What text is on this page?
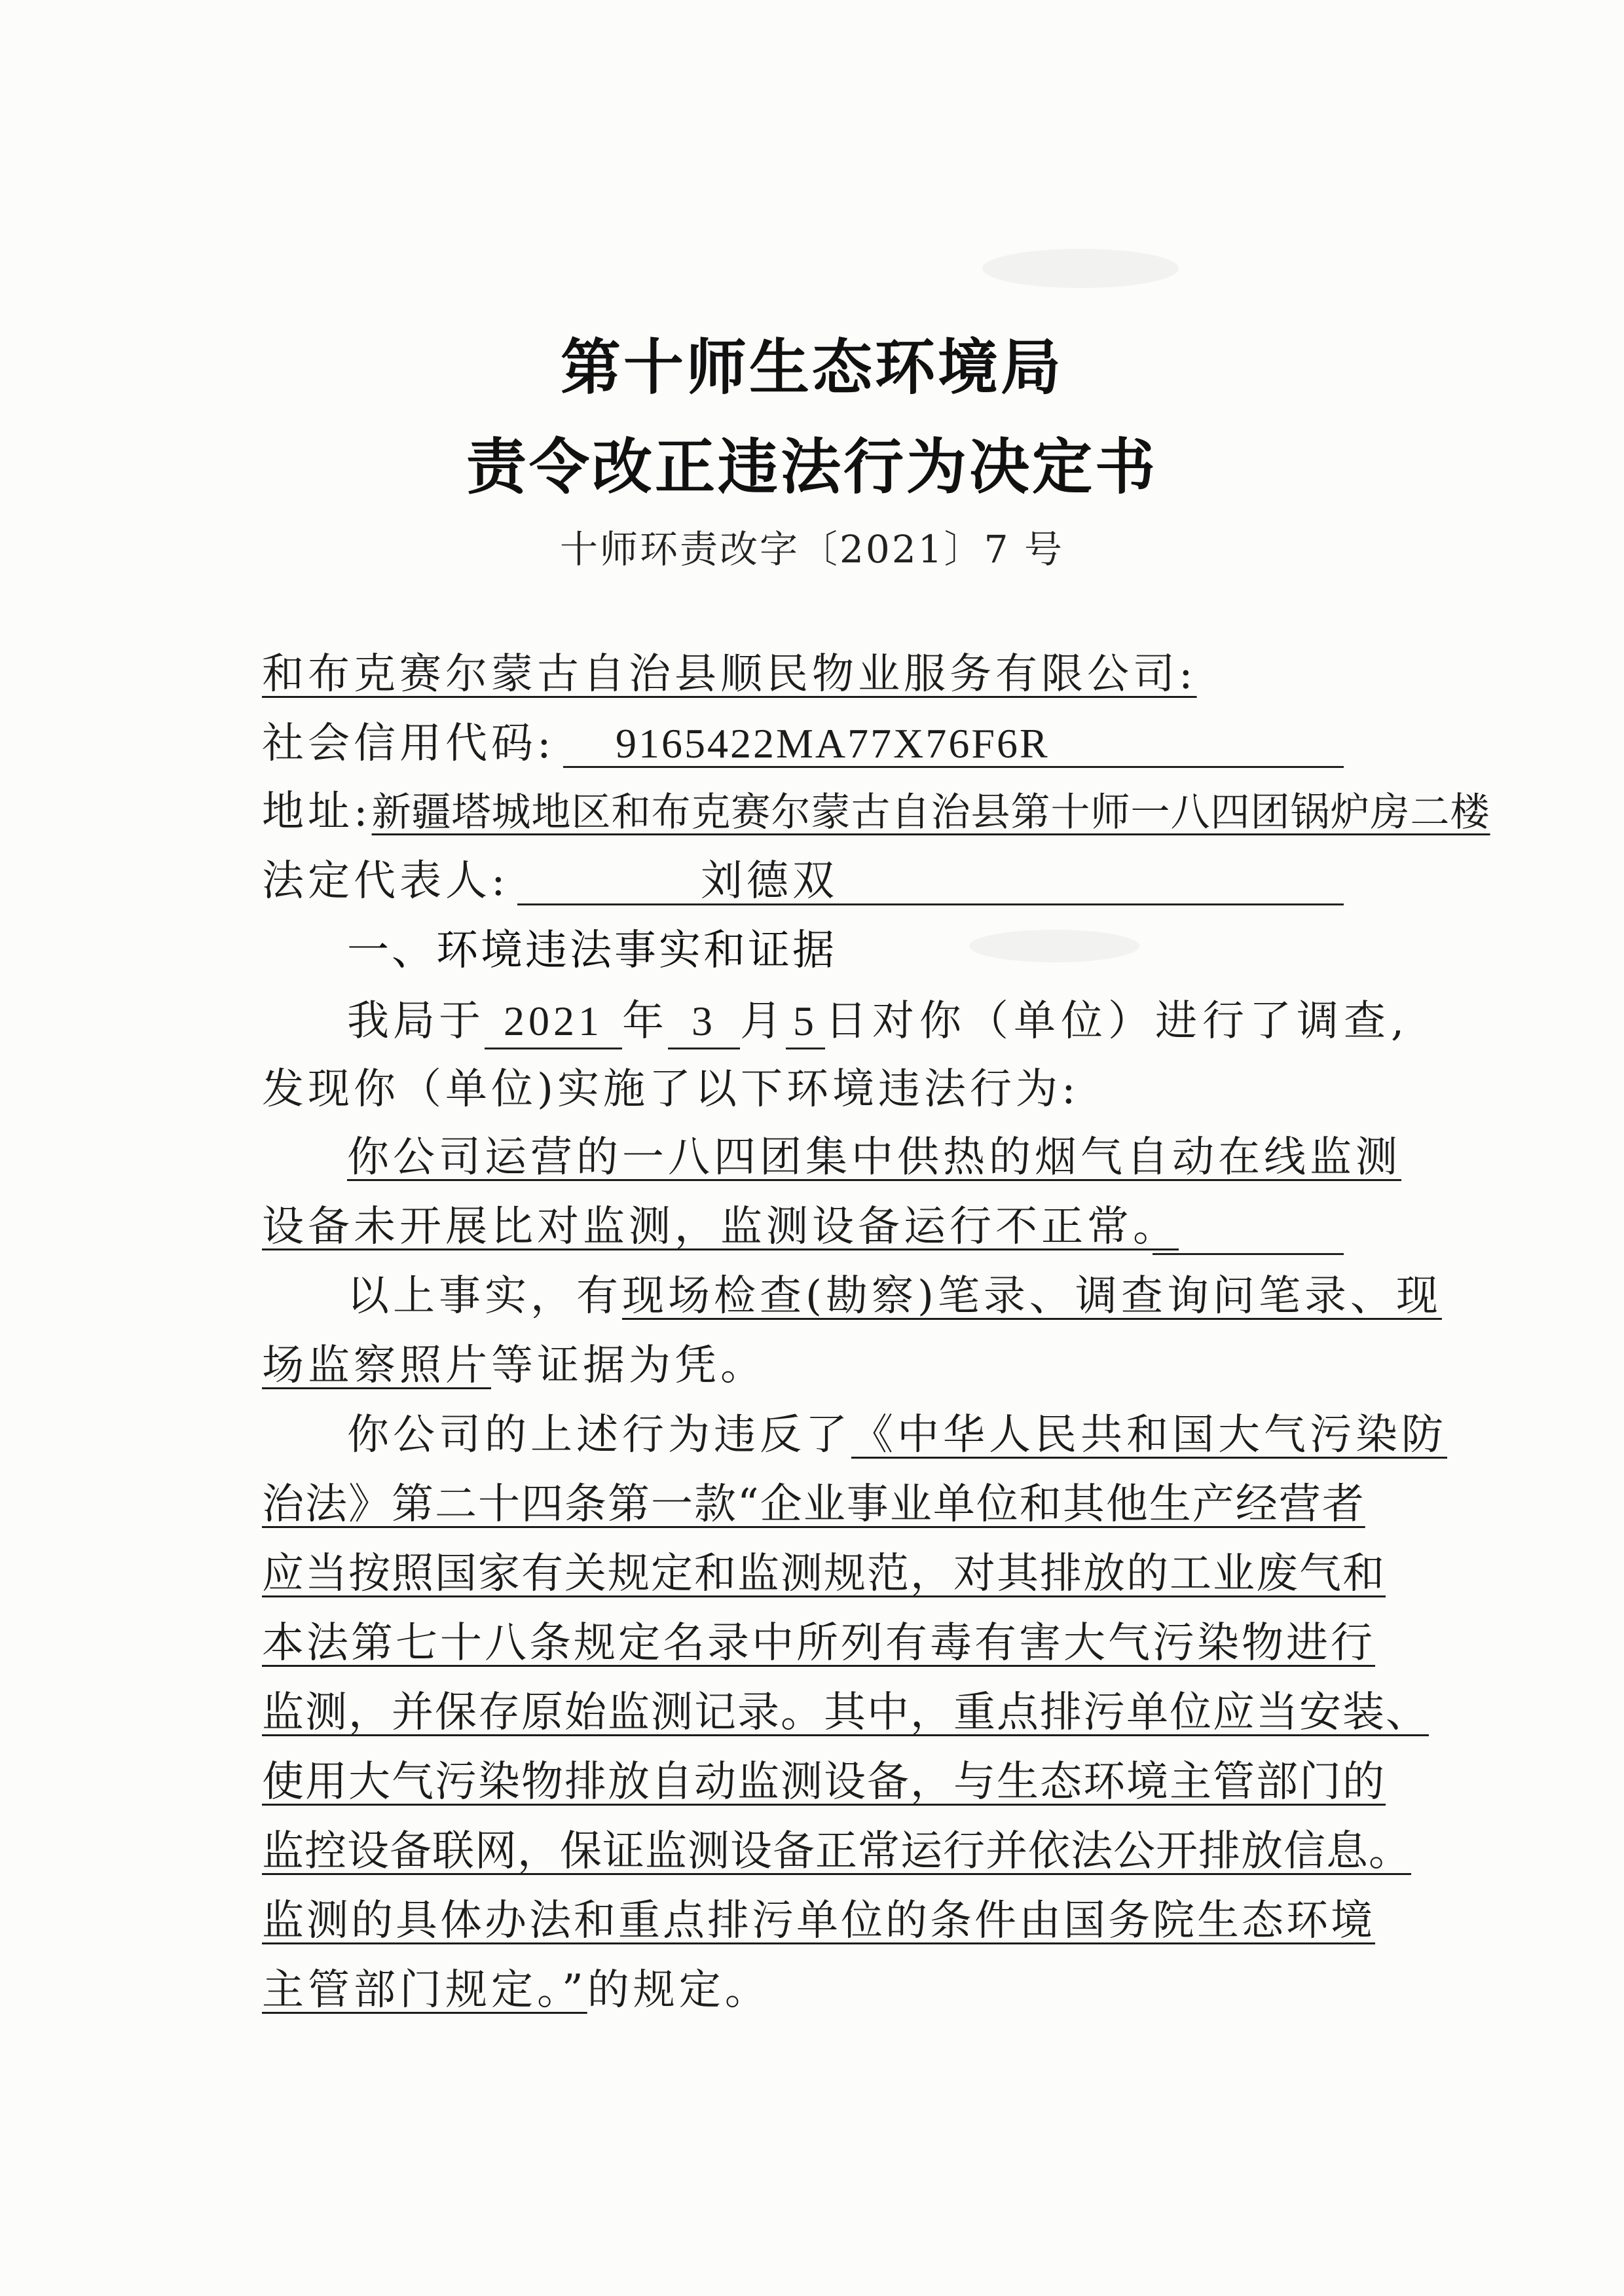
第十师生态环境局
责令改正违法行为决定书
十师环责改字〔2021〕7 号
和布克赛尔蒙古自治县顺民物业服务有限公司:
社会信用代码: 9165422MA77X76F6R
地址:新疆塔城地区和布克赛尔蒙古自治县第十师一八四团锅炉房二楼
法定代表人:	刘德双
一、环境违法事实和证据
我局于 2021 年 3 月 5 日对你（单位）进行了调查,
发现你（单位)实施了以下环境违法行为:
你公司运营的一八四团集中供热的烟气自动在线监测
设备未开展比对监测，监测设备运行不正常。
以上事实，有现场检查(勘察)笔录、调查询问笔录、现
场监察照片等证据为凭。
你公司的上述行为违反了《中华人民共和国大气污染防
治法》第二十四条第一款“企业事业单位和其他生产经营者
应当按照国家有关规定和监测规范，对其排放的工业废气和
本法第七十八条规定名录中所列有毒有害大气污染物进行
监测，并保存原始监测记录。其中，重点排污单位应当安装、
使用大气污染物排放自动监测设备，与生态环境主管部门的
监控设备联网，保证监测设备正常运行并依法公开排放信息。
监测的具体办法和重点排污单位的条件由国务院生态环境
主管部门规定。”的规定。
